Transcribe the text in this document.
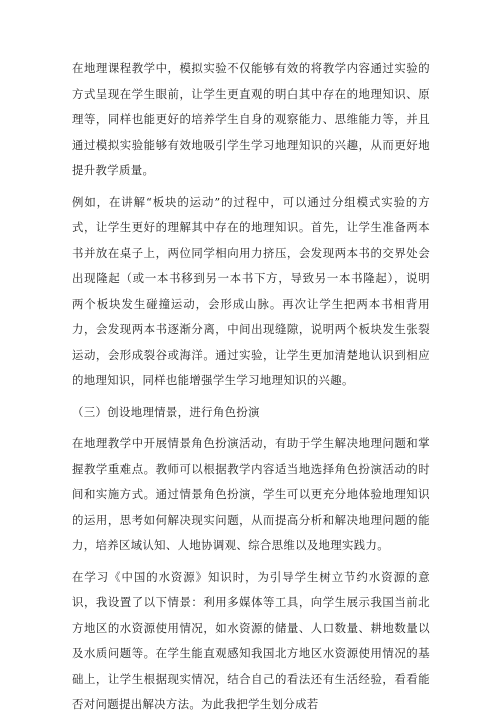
在地理课程教学中，模拟实验不仅能够有效的将教学内容通过实验的方式呈现在学生眼前，让学生更直观的明白其中存在的地理知识、原理等，同样也能更好的培养学生自身的观察能力、思维能力等，并且通过模拟实验能够有效地吸引学生学习地理知识的兴趣，从而更好地提升教学质量。

例如，在讲解“板块的运动”的过程中，可以通过分组模式实验的方式，让学生更好的理解其中存在的地理知识。首先，让学生准备两本书并放在桌子上，两位同学相向用力挤压，会发现两本书的交界处会出现隆起（或一本书移到另一本书下方，导致另一本书隆起），说明两个板块发生碰撞运动，会形成山脉。再次让学生把两本书相背用力，会发现两本书逐渐分离，中间出现缝隙，说明两个板块发生张裂运动，会形成裂谷或海洋。通过实验，让学生更加清楚地认识到相应的地理知识，同样也能增强学生学习地理知识的兴趣。

（三）创设地理情景，进行角色扮演

在地理教学中开展情景角色扮演活动，有助于学生解决地理问题和掌握教学重难点。教师可以根据教学内容适当地选择角色扮演活动的时间和实施方式。通过情景角色扮演，学生可以更充分地体验地理知识的运用，思考如何解决现实问题，从而提高分析和解决地理问题的能力，培养区域认知、人地协调观、综合思维以及地理实践力。

在学习《中国的水资源》知识时，为引导学生树立节约水资源的意识，我设置了以下情景：利用多媒体等工具，向学生展示我国当前北方地区的水资源使用情况，如水资源的储量、人口数量、耕地数量以及水质问题等。在学生能直观感知我国北方地区水资源使用情况的基础上，让学生根据现实情况，结合自己的看法还有生活经验，看看能否对问题提出解决方法。为此我把学生划分成若
